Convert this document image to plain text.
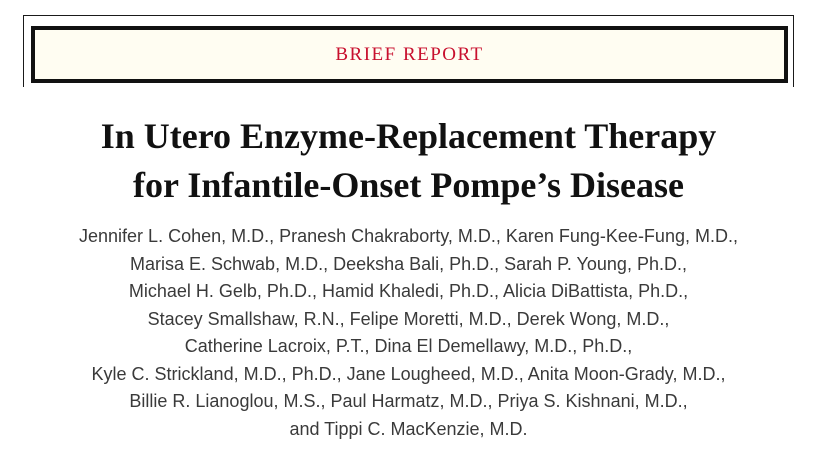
BRIEF REPORT
In Utero Enzyme-Replacement Therapy
for Infantile-Onset Pompe’s Disease
Jennifer L. Cohen, M.D., Pranesh Chakraborty, M.D., Karen Fung-Kee-Fung, M.D.,
Marisa E. Schwab, M.D., Deeksha Bali, Ph.D., Sarah P. Young, Ph.D.,
Michael H. Gelb, Ph.D., Hamid Khaledi, Ph.D., Alicia DiBattista, Ph.D.,
Stacey Smallshaw, R.N., Felipe Moretti, M.D., Derek Wong, M.D.,
Catherine Lacroix, P.T., Dina El Demellawy, M.D., Ph.D.,
Kyle C. Strickland, M.D., Ph.D., Jane Lougheed, M.D., Anita Moon-Grady, M.D.,
Billie R. Lianoglou, M.S., Paul Harmatz, M.D., Priya S. Kishnani, M.D.,
and Tippi C. MacKenzie, M.D.
